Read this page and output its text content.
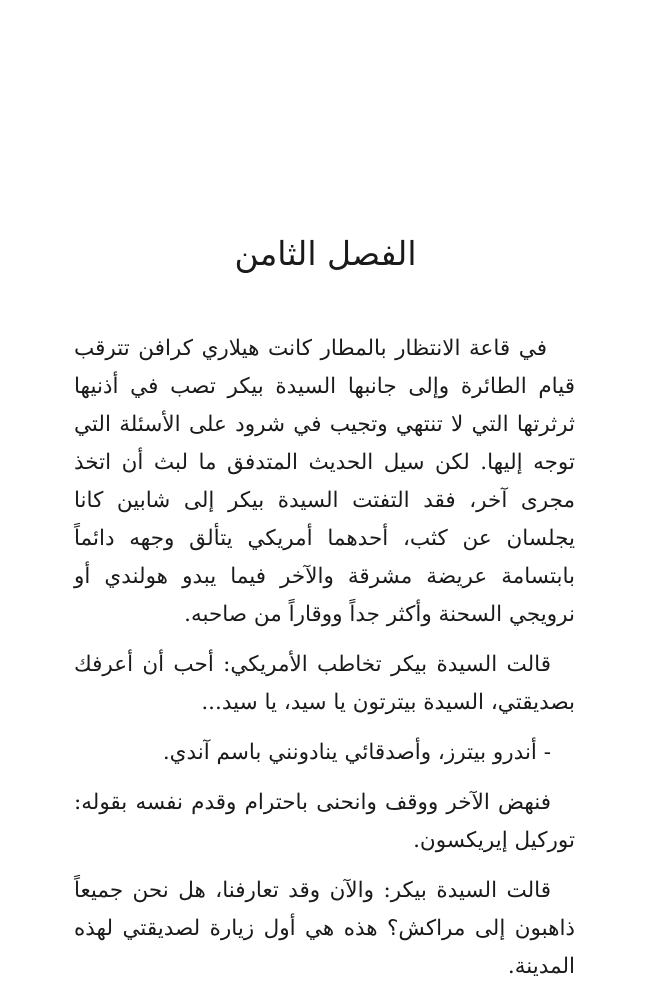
الفصل الثامن

في قاعة الانتظار بالمطار كانت هيلاري كرافن تترقب قيام الطائرة وإلى جانبها السيدة بيكر تصب في أذنيها ثرثرتها التي لا تنتهي وتجيب في شرود على الأسئلة التي توجه إليها. لكن سيل الحديث المتدفق ما لبث أن اتخذ مجرى آخر، فقد التفتت السيدة بيكر إلى شابين كانا يجلسان عن كثب، أحدهما أمريكي يتألق وجهه دائماً بابتسامة عريضة مشرقة والآخر فيما يبدو هولندي أو نرويجي السحنة وأكثر جداً ووقاراً من صاحبه.

قالت السيدة بيكر تخاطب الأمريكي: أحب أن أعرفك بصديقتي، السيدة بيترتون يا سيد، يا سيد...

- أندرو بيترز، وأصدقائي ينادونني باسم آندي.

فنهض الآخر ووقف وانحنى باحترام وقدم نفسه بقوله: توركيل إيريكسون.

قالت السيدة بيكر: والآن وقد تعارفنا، هل نحن جميعاً ذاهبون إلى مراكش؟ هذه هي أول زيارة لصديقتي لهذه المدينة.
